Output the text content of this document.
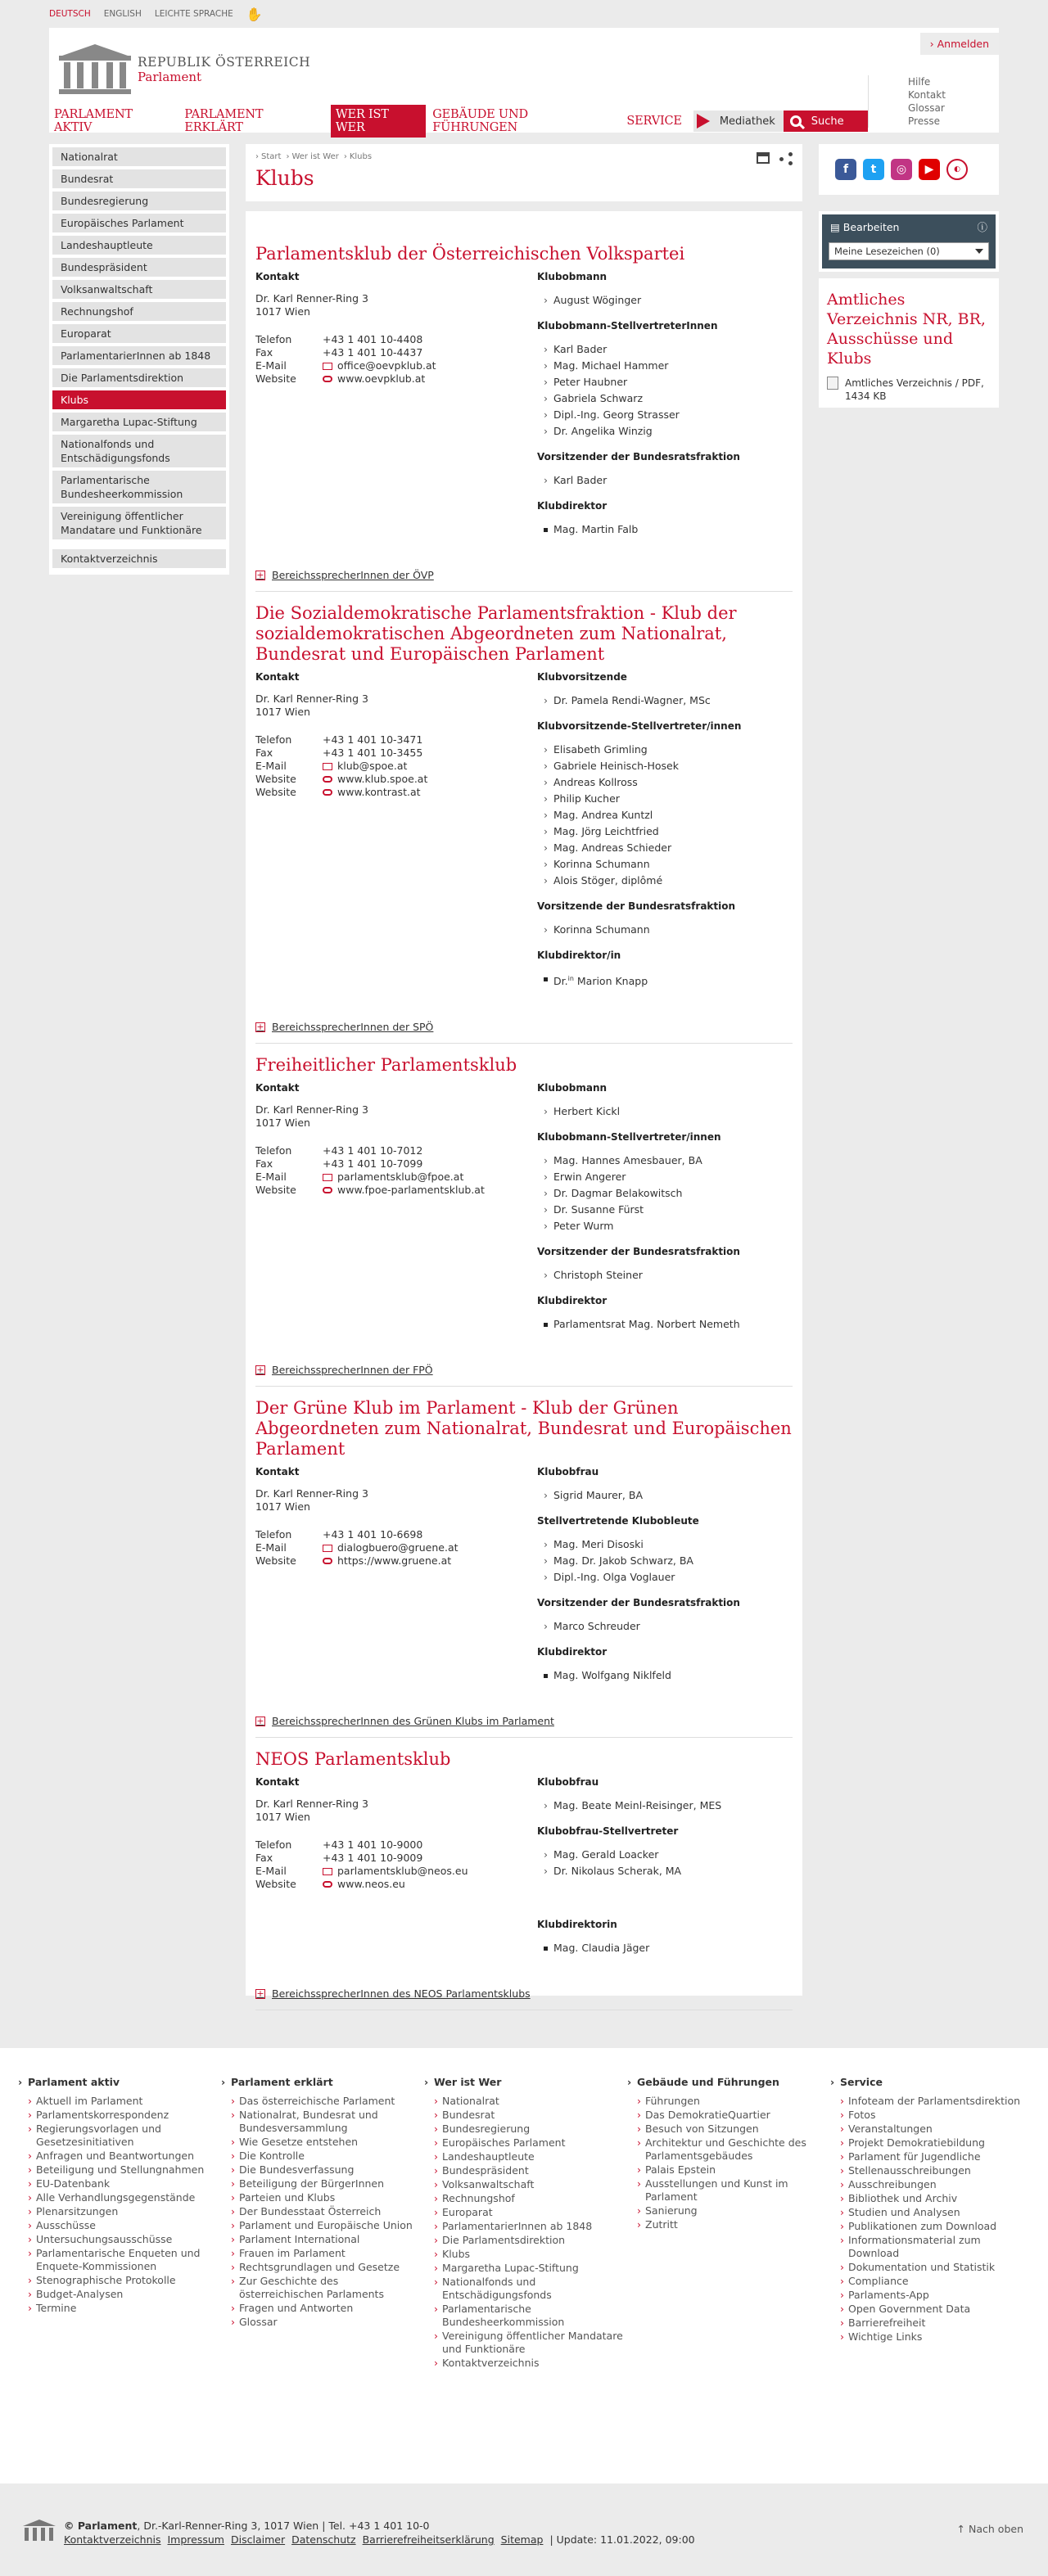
DEUTSCH ENGLISH LEICHTE SPRACHE ✋
REPUBLIK ÖSTERREICH
Parlament
› Anmelden
Hilfe
Kontakt
Glossar
Presse
PARLAMENT AKTIV
PARLAMENT ERKLÄRT
WER IST WER
GEBÄUDE UND FÜHRUNGEN	SERVICE	Mediathek	Suche
Nationalrat
Bundesrat
Bundesregierung
Europäisches Parlament
Landeshauptleute
Bundespräsident
Volksanwaltschaft
Rechnungshof
Europarat
ParlamentarierInnen ab 1848
Die Parlamentsdirektion
Klubs
Margaretha Lupac-Stiftung
Nationalfonds und Entschädigungsfonds
Parlamentarische Bundesheerkommission
Vereinigung öffentlicher Mandatare und Funktionäre
Kontaktverzeichnis
› Start	› Wer ist Wer	› Klubs
Klubs
Parlamentsklub der Österreichischen Volkspartei
Kontakt
Dr. Karl Renner-Ring 3
1017 Wien
Telefon	+43 1 401 10-4408
Fax	+43 1 401 10-4437
E-Mail	office@oevpklub.at
Website	www.oevpklub.at
Klubobmann
› August Wöginger
Klubobmann-StellvertreterInnen
› Karl Bader
› Mag. Michael Hammer
› Peter Haubner
› Gabriela Schwarz
› Dipl.-Ing. Georg Strasser
› Dr. Angelika Winzig
Vorsitzender der Bundesratsfraktion
› Karl Bader
Klubdirektor
Mag. Martin Falb
+ BereichssprecherInnen der ÖVP
Die Sozialdemokratische Parlamentsfraktion - Klub der sozialdemokratischen Abgeordneten zum Nationalrat, Bundesrat und Europäischen Parlament
Kontakt
Dr. Karl Renner-Ring 3
1017 Wien
Telefon	+43 1 401 10-3471
Fax	+43 1 401 10-3455
E-Mail	klub@spoe.at
Website	www.klub.spoe.at
Website	www.kontrast.at
Klubvorsitzende
› Dr. Pamela Rendi-Wagner, MSc
Klubvorsitzende-Stellvertreter/innen
› Elisabeth Grimling
› Gabriele Heinisch-Hosek
› Andreas Kollross
› Philip Kucher
› Mag. Andrea Kuntzl
› Mag. Jörg Leichtfried
› Mag. Andreas Schieder
› Korinna Schumann
› Alois Stöger, diplômé
Vorsitzende der Bundesratsfraktion
› Korinna Schumann
Klubdirektor/in
Dr.$^{in}$ Marion Knapp
+ BereichssprecherInnen der SPÖ
Freiheitlicher Parlamentsklub
Kontakt
Dr. Karl Renner-Ring 3
1017 Wien
Telefon	+43 1 401 10-7012
Fax	+43 1 401 10-7099
E-Mail	parlamentsklub@fpoe.at
Website	www.fpoe-parlamentsklub.at
Klubobmann
› Herbert Kickl
Klubobmann-Stellvertreter/innen
› Mag. Hannes Amesbauer, BA
› Erwin Angerer
› Dr. Dagmar Belakowitsch
› Dr. Susanne Fürst
› Peter Wurm
Vorsitzender der Bundesratsfraktion
› Christoph Steiner
Klubdirektor
Parlamentsrat Mag. Norbert Nemeth
+ BereichssprecherInnen der FPÖ
Der Grüne Klub im Parlament - Klub der Grünen Abgeordneten zum Nationalrat, Bundesrat und Europäischen Parlament
Kontakt
Dr. Karl Renner-Ring 3
1017 Wien
Telefon	+43 1 401 10-6698
E-Mail	dialogbuero@gruene.at
Website	https://www.gruene.at
Klubobfrau
› Sigrid Maurer, BA
Stellvertretende Klubobleute
› Mag. Meri Disoski
› Mag. Dr. Jakob Schwarz, BA
› Dipl.-Ing. Olga Voglauer
Vorsitzender der Bundesratsfraktion
› Marco Schreuder
Klubdirektor
Mag. Wolfgang Niklfeld
+ BereichssprecherInnen des Grünen Klubs im Parlament
NEOS Parlamentsklub
Kontakt
Dr. Karl Renner-Ring 3
1017 Wien
Telefon	+43 1 401 10-9000
Fax	+43 1 401 10-9009
E-Mail	parlamentsklub@neos.eu
Website	www.neos.eu
Klubobfrau
› Mag. Beate Meinl-Reisinger, MES
Klubobfrau-Stellvertreter
› Mag. Gerald Loacker
› Dr. Nikolaus Scherak, MA
Klubdirektorin
Mag. Claudia Jäger
+ BereichssprecherInnen des NEOS Parlamentsklubs
f	t	◎	▶	◐
▤ Bearbeiten	ⓘ
Meine Lesezeichen (0)
Amtliches Verzeichnis NR, BR, Ausschüsse und Klubs
Amtliches Verzeichnis / PDF, 1434 KB
› Parlament aktiv
› Aktuell im Parlament
› Parlamentskorrespondenz
› Regierungsvorlagen und Gesetzesinitiativen
› Anfragen und Beantwortungen
› Beteiligung und Stellungnahmen
› EU-Datenbank
› Alle Verhandlungsgegenstände
› Plenarsitzungen
› Ausschüsse
› Untersuchungsausschüsse
› Parlamentarische Enqueten und Enquete-Kommissionen
› Stenographische Protokolle
› Budget-Analysen
› Termine
› Parlament erklärt
› Das österreichische Parlament
› Nationalrat, Bundesrat und Bundesversammlung
› Wie Gesetze entstehen
› Die Kontrolle
› Die Bundesverfassung
› Beteiligung der BürgerInnen
› Parteien und Klubs
› Der Bundesstaat Österreich
› Parlament und Europäische Union
› Parlament International
› Frauen im Parlament
› Rechtsgrundlagen und Gesetze
› Zur Geschichte des österreichischen Parlaments
› Fragen und Antworten
› Glossar
› Wer ist Wer
› Nationalrat
› Bundesrat
› Bundesregierung
› Europäisches Parlament
› Landeshauptleute
› Bundespräsident
› Volksanwaltschaft
› Rechnungshof
› Europarat
› ParlamentarierInnen ab 1848
› Die Parlamentsdirektion
› Klubs
› Margaretha Lupac-Stiftung
› Nationalfonds und Entschädigungsfonds
› Parlamentarische Bundesheerkommission
› Vereinigung öffentlicher Mandatare und Funktionäre
› Kontaktverzeichnis
› Gebäude und Führungen
› Führungen
› Das DemokratieQuartier
› Besuch von Sitzungen
› Architektur und Geschichte des Parlamentsgebäudes
› Palais Epstein
› Ausstellungen und Kunst im Parlament
› Sanierung
› Zutritt
› Service
› Infoteam der Parlamentsdirektion
› Fotos
› Veranstaltungen
› Projekt Demokratiebildung
› Parlament für Jugendliche
› Stellenausschreibungen
› Ausschreibungen
› Bibliothek und Archiv
› Studien und Analysen
› Publikationen zum Download
› Informationsmaterial zum Download
› Dokumentation und Statistik
› Compliance
› Parlaments-App
› Open Government Data
› Barrierefreiheit
› Wichtige Links
© Parlament, Dr.-Karl-Renner-Ring 3, 1017 Wien | Tel. +43 1 401 10-0
Kontaktverzeichnis Impressum Disclaimer Datenschutz Barrierefreiheitserklärung Sitemap | Update: 11.01.2022, 09:00
↑ Nach oben
